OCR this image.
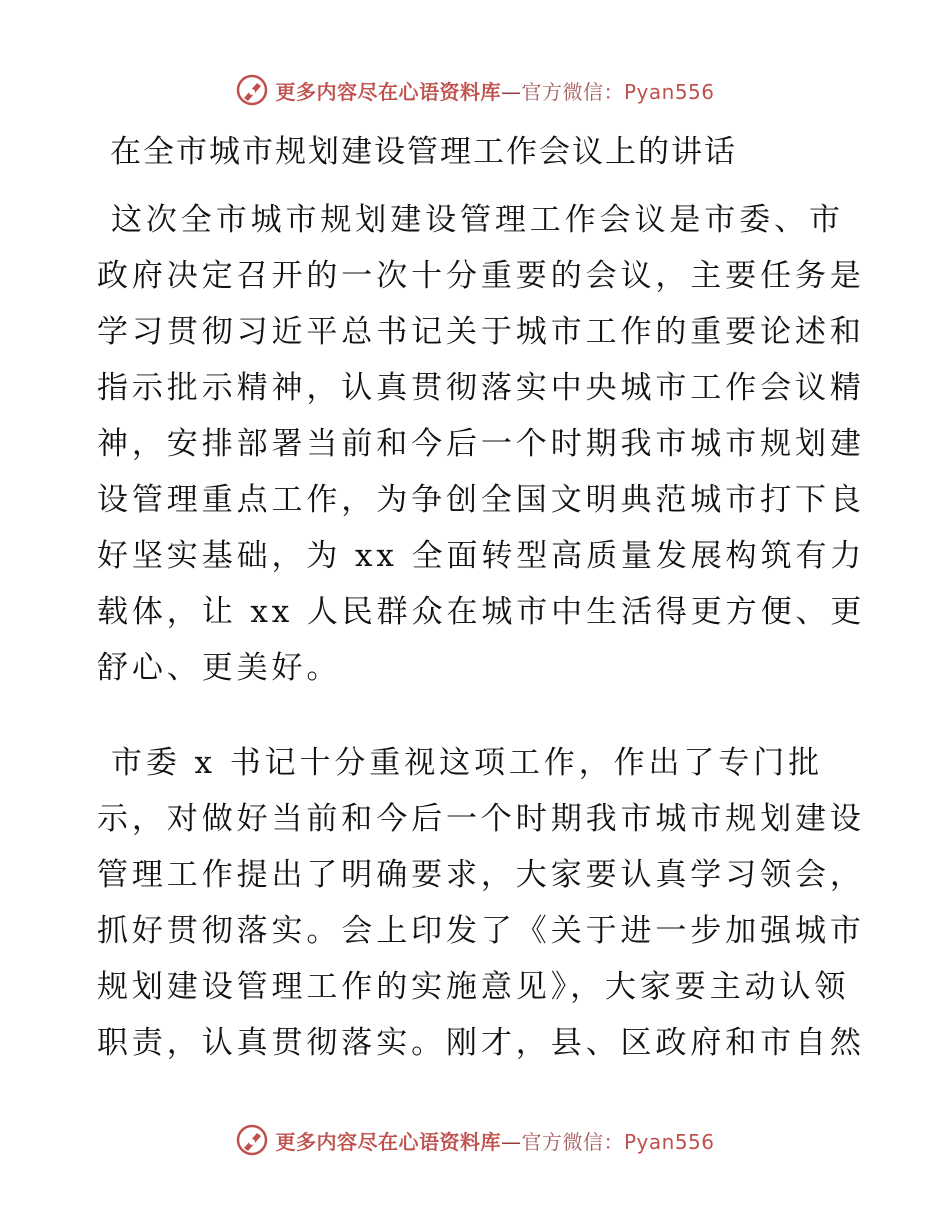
更多内容尽在心语资料库—官方微信：Pyan556
在全市城市规划建设管理工作会议上的讲话
这次全市城市规划建设管理工作会议是市委、市
政府决定召开的一次十分重要的会议，主要任务是
学习贯彻习近平总书记关于城市工作的重要论述和
指示批示精神，认真贯彻落实中央城市工作会议精
神，安排部署当前和今后一个时期我市城市规划建
设管理重点工作，为争创全国文明典范城市打下良
好坚实基础，为 xx 全面转型高质量发展构筑有力
载体，让 xx 人民群众在城市中生活得更方便、更
舒心、更美好。
市委 x 书记十分重视这项工作，作出了专门批
示，对做好当前和今后一个时期我市城市规划建设
管理工作提出了明确要求，大家要认真学习领会，
抓好贯彻落实。会上印发了《关于进一步加强城市
规划建设管理工作的实施意见》，大家要主动认领
职责，认真贯彻落实。刚才，县、区政府和市自然
更多内容尽在心语资料库—官方微信：Pyan556
